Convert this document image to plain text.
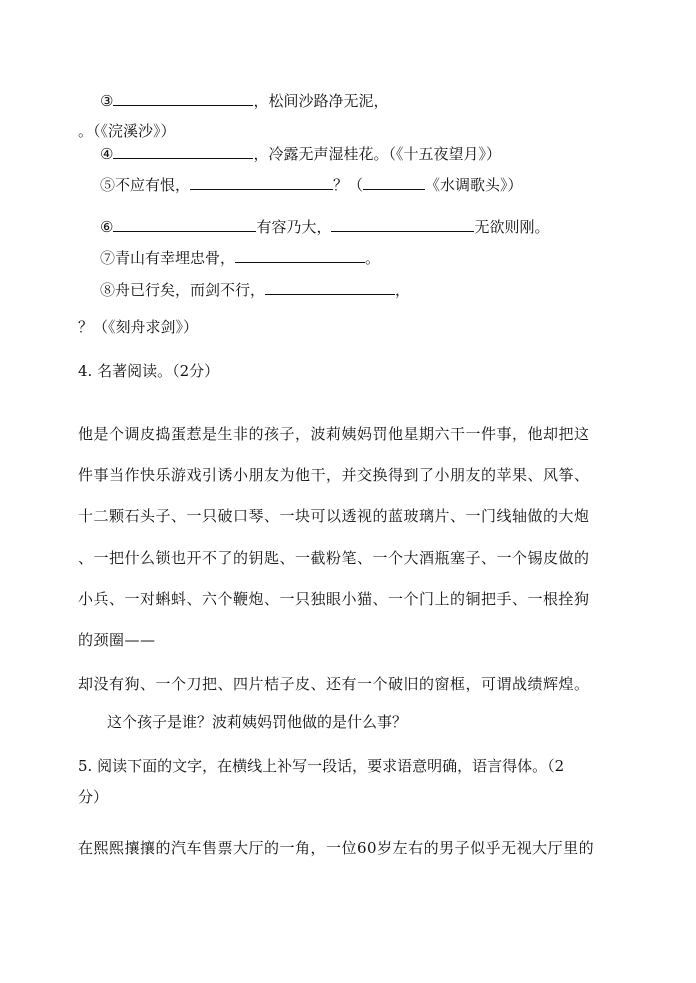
③	，松间沙路净无泥，
。（《浣溪沙》）
④	，冷露无声湿桂花。（《十五夜望月》）
⑤不应有恨，	？（	《水调歌头》）
⑥	有容乃大，	无欲则刚。
⑦青山有幸埋忠骨，	。
⑧舟已行矣，而剑不行，	，
？（《刻舟求剑》）
4. 名著阅读。（2分）
他是个调皮捣蛋惹是生非的孩子，波莉姨妈罚他星期六干一件事，他却把这
件事当作快乐游戏引诱小朋友为他干，并交换得到了小朋友的苹果、风筝、
十二颗石头子、一只破口琴、一块可以透视的蓝玻璃片、一门线轴做的大炮
、一把什么锁也开不了的钥匙、一截粉笔、一个大酒瓶塞子、一个锡皮做的
小兵、一对蝌蚪、六个鞭炮、一只独眼小猫、一个门上的铜把手、一根拴狗
的颈圈——
却没有狗、一个刀把、四片桔子皮、还有一个破旧的窗框，可谓战绩辉煌。
这个孩子是谁？波莉姨妈罚他做的是什么事？
5. 阅读下面的文字，在横线上补写一段话，要求语意明确，语言得体。（2
分）
在熙熙攘攘的汽车售票大厅的一角，一位60岁左右的男子似乎无视大厅里的
